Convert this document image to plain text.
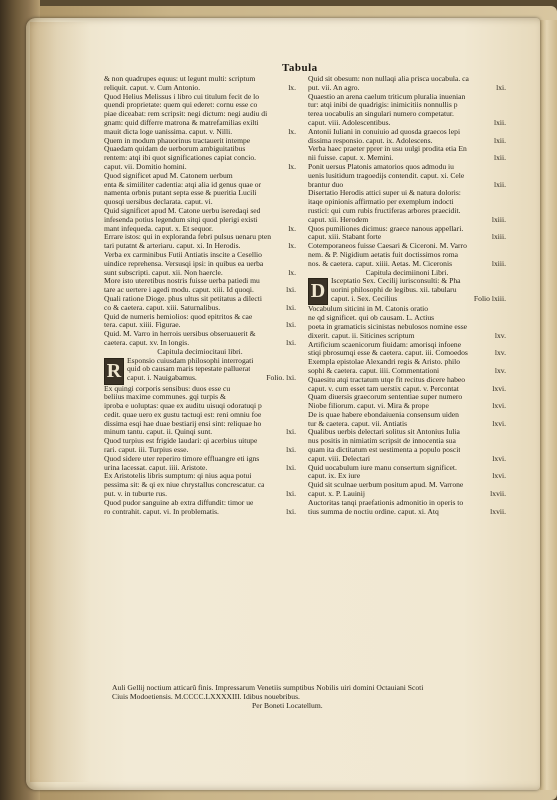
Tabula
& non quadrupes equus: ut legunt multi: scriptum
reliquit. caput. v. Cum Antonio.	lx.
Quod Helius Melissus i libro cui titulum fecit de lo
quendi proprietate: quem qui ederet: cornu esse co
piae diceabat: rem scripsit: negi dictum: negi audiu di
gnam: quid differre matrona & matrefamilias exilti
mauit dicta loge uanissima. caput. v. Nilli.	lx.
Quem in modum phauorinus tractauerit intempe
Quaedam quidam de uerborum ambiguitatibus
rentem: atqi ibi quot significationes capiat concio.
caput. vii. Domitio homini.	lx.
Quod significet apud M. Catonem uerbum
enta & simiiliter cadentia: atqi alia id genus quae or
namenta orbnis putant septa esse & pueritia Lucili
quosqi uersibus declarata. caput. vi.
Quid significet apud M. Catone uerbu iseredaqi sed
infesenda potius legendum sitqi quod plerigi existi
mant infequeda. caput. x. Et sequor.	lx.
Errare istos: qui in exploranda febri pulsus uenaru pten
tari putatnt & arteriaru. caput. xi. In Herodis.	lx.
Verba ex carminibus Futii Antiatis inscite a Cesellio
uindice reprehensa. Versusqi ipsi: in quibus ea uerba
sunt subscripti. caput. xii. Non haercle.	lx.
More isto uteretibus nostris fuisse uerba patiedi mu
tare ac uertere i agedi modu. caput. xiii. Id quoqi.	lxi.
Quali ratione Dioge. phus ultus sit petitatus a dilecti
co & caetera. caput. xiii. Saturnalibus.	lxi.
Quid de numeris hemiolios: quod epitritos & cae
tera. caput. xiiii. Figurae.	lxi.
Quid. M. Varro in herrois uersibus obseruauerit &
caetera. caput. xv. In longis.	lxi.
Capitula decimiocitaui libri.
R Esponsio cuiusdam philosophi interrogati
quid ob causam maris tepestate palluerat
caput. i. Nauigabamus.	Folio. lxi.
Ex quingi corporis sensibus: duos esse cu
beliius maxime communes. gqi turpis &
iproba e uoluptas: quae ex auditu uisuqi odoratuqi p
cedit. quae uero ex gustu tactuqi est: reni omniu foe
dissima esqi hae duae bestiarij ensi sint: reliquae ho
minum tantu. caput. ii. Quinqi sunt.	lxi.
Quod turpius est frigide laudari: qi acerbius uitupe
rari. caput. iii. Turpius esse.	lxi.
Quod sidere uter reperiro timore effluangre eti igns
urina lacessat. caput. iiii. Aristote.	lxi.
Ex Aristotelis libris sumptum: qi nius aqua potui
pessima sit: & qi ex niue chrystallus concrescatur. ca
put. v. in tuburte rus.	lxi.
Quod pudor sanguine ab extra diffundit: timor ue
ro contrahit. caput. vi. In problematis.	lxi.
Quid sit obesum: non nullaqi alia prisca uocabula. ca
put. vii. An agro.	lxi.
Quaestio an arena caelum triticum pluralia inuenian
tur: atqi inibi de quadrigis: inimicitiis nonnullis p
terea uocabulis an singulari numero competatur.
caput. viii. Adolescentibus.	lxii.
Antonii Iuliani in conuiuio ad quosda graecos lepi
dissima responsio. caput. ix. Adolescens.	lxii.
Verba haec praeter pprer in usu uulgi prodita etia En
nii fuisse. caput. x. Memini.	lxii.
Ponit uersus Platonis amatorios quos admodu iu
uenis lusitidum tragoedijs contendit. caput. xi. Cele
brantur duo	lxii.
Disertatio Herodis attici super ui & natura doloris:
itaqe opinionis affirmatio per exemplum indocti
rustici: qui cum rubis fructiferas arbores praecidit.
caput. xii. Herodem	lxiii.
Quos pumiliones dicimus: graece nanous appellari.
caput. xiii. Stabant forte	lxiii.
Cotemporaneos fuisse Caesari & Ciceroni. M. Varro
nem. & P. Nigidium aetatis fuit doctissimos roma
nos. & caetera. caput. xiiii. Aetas. M. Ciceronis	lxiii.
Capitula decimiinoni Libri.
D Isceptatio Sex. Cecilij iurisconsulti: & Pha
uorini philosophi de legibus. xii. tabularu
caput. i. Sex. Cecilius	Folio lxiii.
Vocabulum siticini in M. Catonis oratio
ne qd significet. qui ob causam. L. Actius
poeta in gramaticis sicinistas nebulosos nomine esse
dixerit. caput. ii. Siticines scriptum	lxv.
Artificium scaenicorum fiuidam: amorisqi infoene
stiqi pbrosumqi esse & caetera. caput. iii. Comoedos	lxv.
Exempla epistolae Alexandri regis & Aristo. philo
sophi & caetera. caput. iiii. Commentationi	lxv.
Quaesitu atqi tractatum utqe fit recitus dicere habeo
caput. v. cum esset tam uerstix caput. v. Percontat	lxvi.
Quam diuersis graecorum sententiae super numero
Niobe filiorum. caput. vi. Mira & prope	lxvi.
De is quae habere ebondaiuenia consensum uiden
tur & caetera. caput. vii. Antiatis	lxvi.
Qualibus uerbis delectari solitus sit Antonius Iulia
nus positis in nimiatim scripsit de innocentia sua
quam ita dictitatum est uestimenta a populo poscit
caput. viii. Delectari	lxvi.
Quid uocabulum iure manu consertum significet.
caput. ix. Ex iure	lxvi.
Quid sit sculnae uerbum positum apud. M. Varrone
caput. x. P. Lauinij	lxvii.
Auctoritas tanqi praefationis admonitio in operis to
tius summa de noctiu ordine. caput. xi. Atq	lxvii.
Auli Gellij noctium atticarũ finis. Impressarum Venetiis sumptibus Nobilis uiri domini Octauiani Scoti
Ciuis Modoetiensis. M.CCCC.LXXXXIII. Idibus nouebribus.
Per Boneti Locatellum.
